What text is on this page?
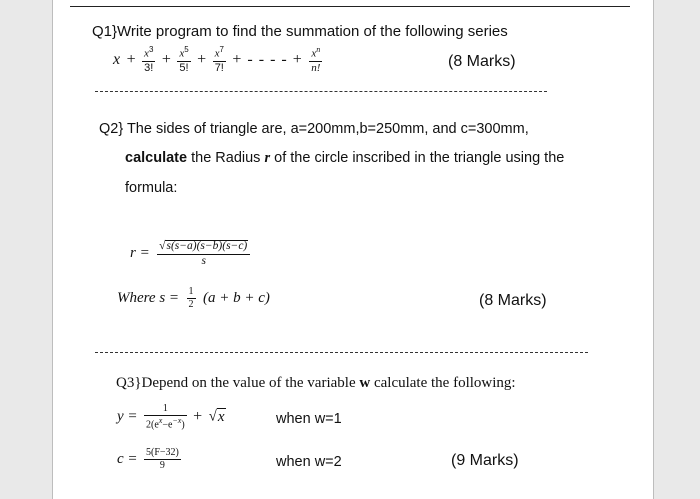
Q1}Write program to find the summation of the following series
$x + \frac{x^3}{3!} + \frac{x^5}{5!} + \frac{x^7}{7!}$ + - - - - + $\frac{x^n}{n!}$	(8 Marks)
Q2} The sides of triangle are, a=200mm,b=250mm, and c=300mm,
calculate the Radius r of the circle inscribed in the triangle using the
formula:
$r = \frac{√s(s-a)(s-b)(s-c)}{s}$
Where $s = \frac{1}{2} (a + b + c)$	(8 Marks)
Q3}Depend on the value of the variable w calculate the following:
$y = \frac{1}{2(e^x-e^{-x})} + √x$	when w=1
$c = \frac{5(F-32)}{9}$	when w=2	(9 Marks)
